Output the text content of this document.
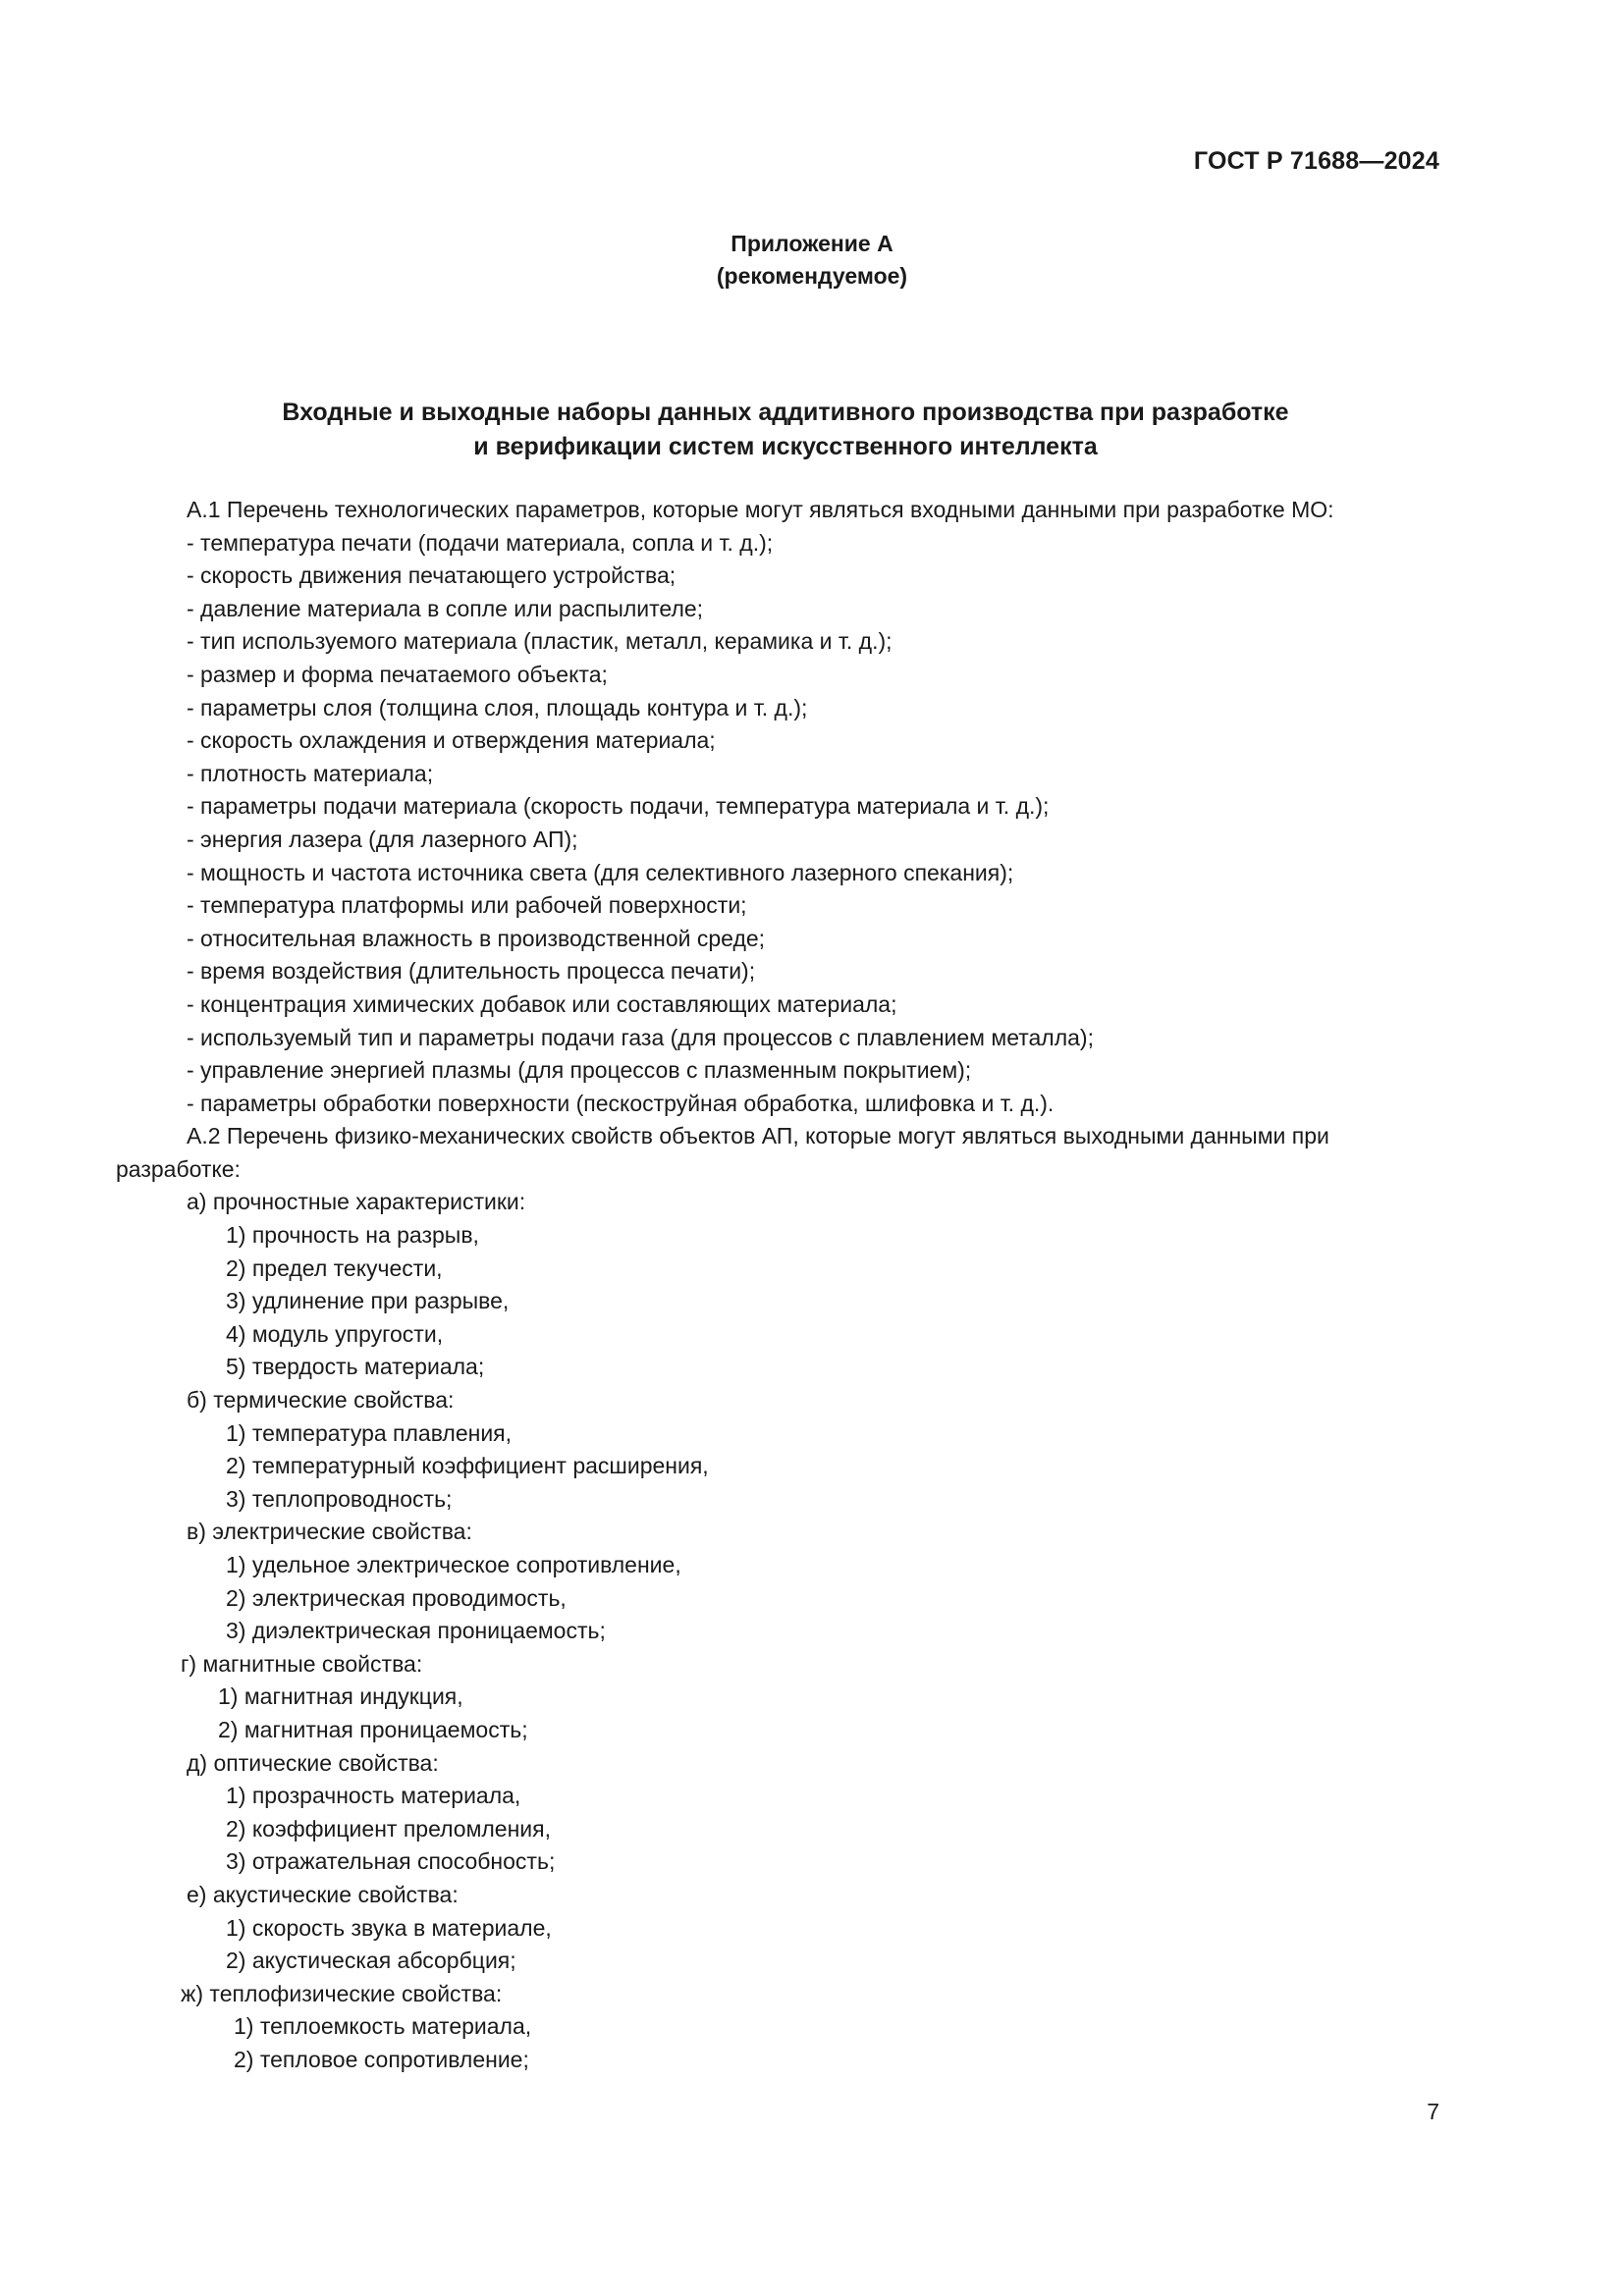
ГОСТ Р 71688—2024
Приложение А
(рекомендуемое)
Входные и выходные наборы данных аддитивного производства при разработке
и верификации систем искусственного интеллекта
А.1 Перечень технологических параметров, которые могут являться входными данными при разработке МО:
- температура печати (подачи материала, сопла и т. д.);
- скорость движения печатающего устройства;
- давление материала в сопле или распылителе;
- тип используемого материала (пластик, металл, керамика и т. д.);
- размер и форма печатаемого объекта;
- параметры слоя (толщина слоя, площадь контура и т. д.);
- скорость охлаждения и отверждения материала;
- плотность материала;
- параметры подачи материала (скорость подачи, температура материала и т. д.);
- энергия лазера (для лазерного АП);
- мощность и частота источника света (для селективного лазерного спекания);
- температура платформы или рабочей поверхности;
- относительная влажность в производственной среде;
- время воздействия (длительность процесса печати);
- концентрация химических добавок или составляющих материала;
- используемый тип и параметры подачи газа (для процессов с плавлением металла);
- управление энергией плазмы (для процессов с плазменным покрытием);
- параметры обработки поверхности (пескоструйная обработка, шлифовка и т. д.).
А.2 Перечень физико-механических свойств объектов АП, которые могут являться выходными данными при
разработке:
а) прочностные характеристики:
1) прочность на разрыв,
2) предел текучести,
3) удлинение при разрыве,
4) модуль упругости,
5) твердость материала;
б) термические свойства:
1) температура плавления,
2) температурный коэффициент расширения,
3) теплопроводность;
в) электрические свойства:
1) удельное электрическое сопротивление,
2) электрическая проводимость,
3) диэлектрическая проницаемость;
г) магнитные свойства:
1) магнитная индукция,
2) магнитная проницаемость;
д) оптические свойства:
1) прозрачность материала,
2) коэффициент преломления,
3) отражательная способность;
е) акустические свойства:
1) скорость звука в материале,
2) акустическая абсорбция;
ж) теплофизические свойства:
1) теплоемкость материала,
2) тепловое сопротивление;
7
